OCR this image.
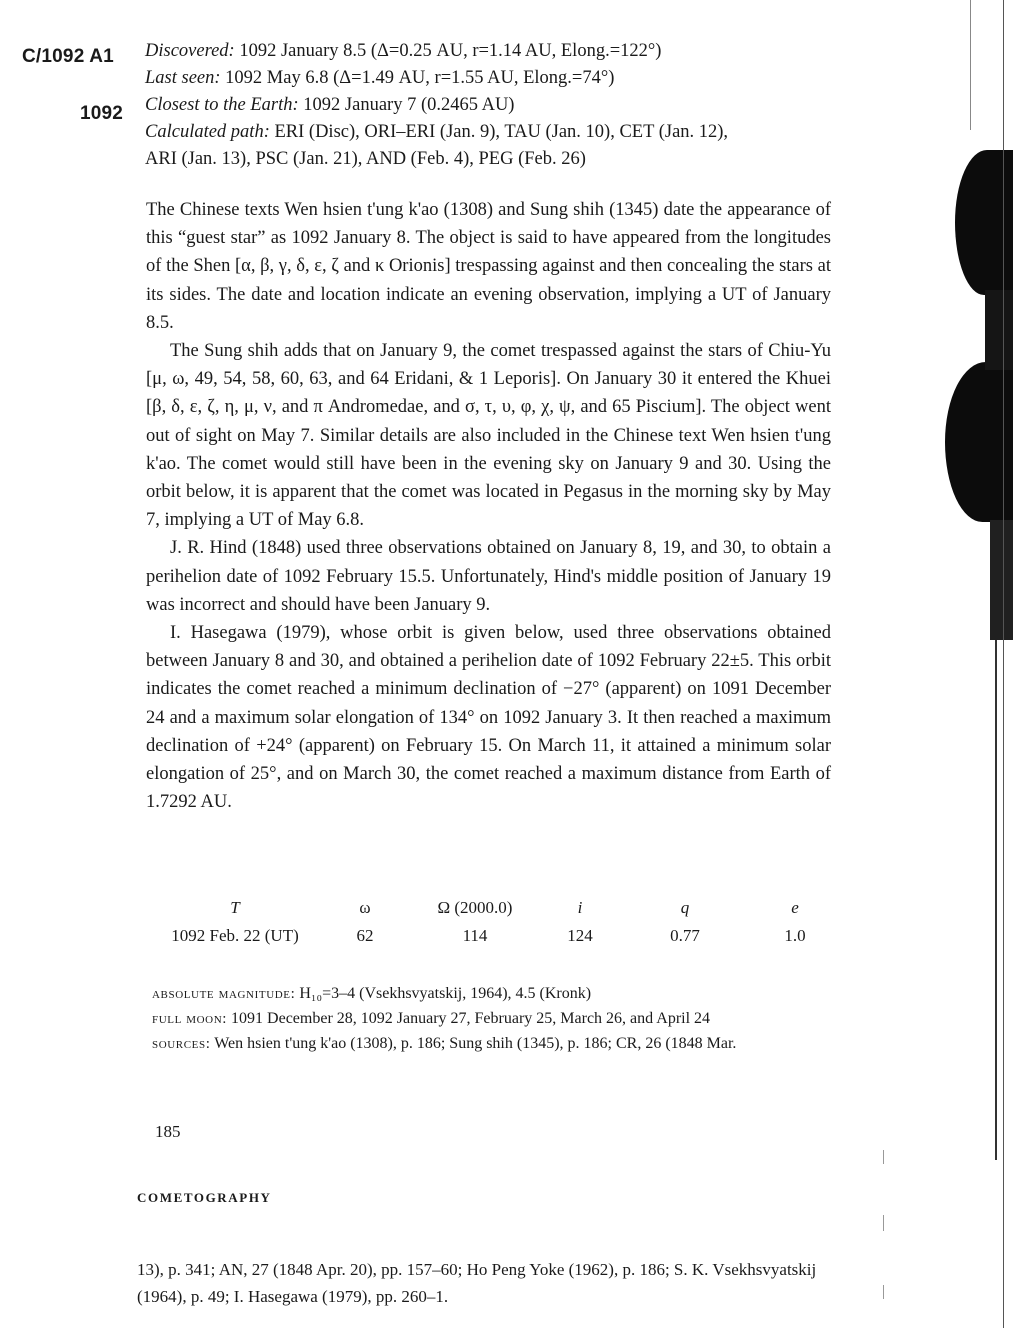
C/1092 A1
1092
Discovered: 1092 January 8.5 (Δ=0.25 AU, r=1.14 AU, Elong.=122°)
Last seen: 1092 May 6.8 (Δ=1.49 AU, r=1.55 AU, Elong.=74°)
Closest to the Earth: 1092 January 7 (0.2465 AU)
Calculated path: ERI (Disc), ORI–ERI (Jan. 9), TAU (Jan. 10), CET (Jan. 12),
ARI (Jan. 13), PSC (Jan. 21), AND (Feb. 4), PEG (Feb. 26)

The Chinese texts Wen hsien t'ung k'ao (1308) and Sung shih (1345) date the appearance of this “guest star” as 1092 January 8. The object is said to have appeared from the longitudes of the Shen [α, β, γ, δ, ε, ζ and κ Orionis] trespassing against and then concealing the stars at its sides. The date and location indicate an evening observation, implying a UT of January 8.5.

The Sung shih adds that on January 9, the comet trespassed against the stars of Chiu-Yu [μ, ω, 49, 54, 58, 60, 63, and 64 Eridani, & 1 Leporis]. On January 30 it entered the Khuei [β, δ, ε, ζ, η, μ, ν, and π Andromedae, and σ, τ, υ, φ, χ, ψ, and 65 Piscium]. The object went out of sight on May 7. Similar details are also included in the Chinese text Wen hsien t'ung k'ao. The comet would still have been in the evening sky on January 9 and 30. Using the orbit below, it is apparent that the comet was located in Pegasus in the morning sky by May 7, implying a UT of May 6.8.

J. R. Hind (1848) used three observations obtained on January 8, 19, and 30, to obtain a perihelion date of 1092 February 15.5. Unfortunately, Hind's middle position of January 19 was incorrect and should have been January 9.

I. Hasegawa (1979), whose orbit is given below, used three observations obtained between January 8 and 30, and obtained a perihelion date of 1092 February 22±5. This orbit indicates the comet reached a minimum declination of −27° (apparent) on 1091 December 24 and a maximum solar elongation of 134° on 1092 January 3. It then reached a maximum declination of +24° (apparent) on February 15. On March 11, it attained a minimum solar elongation of 25°, and on March 30, the comet reached a maximum distance from Earth of 1.7292 AU.

T	ω	Ω (2000.0)	i	q	e
1092 Feb. 22 (UT)	62	114	124	0.77	1.0
absolute magnitude: H₁₀=3–4 (Vsekhsvyatskij, 1964), 4.5 (Kronk)
full moon: 1091 December 28, 1092 January 27, February 25, March 26, and April 24
sources: Wen hsien t'ung k'ao (1308), p. 186; Sung shih (1345), p. 186; CR, 26 (1848 Mar.
185
COMETOGRAPHY
13), p. 341; AN, 27 (1848 Apr. 20), pp. 157–60; Ho Peng Yoke (1962), p. 186; S. K. Vsekhsvyatskij (1964), p. 49; I. Hasegawa (1979), pp. 260–1.
